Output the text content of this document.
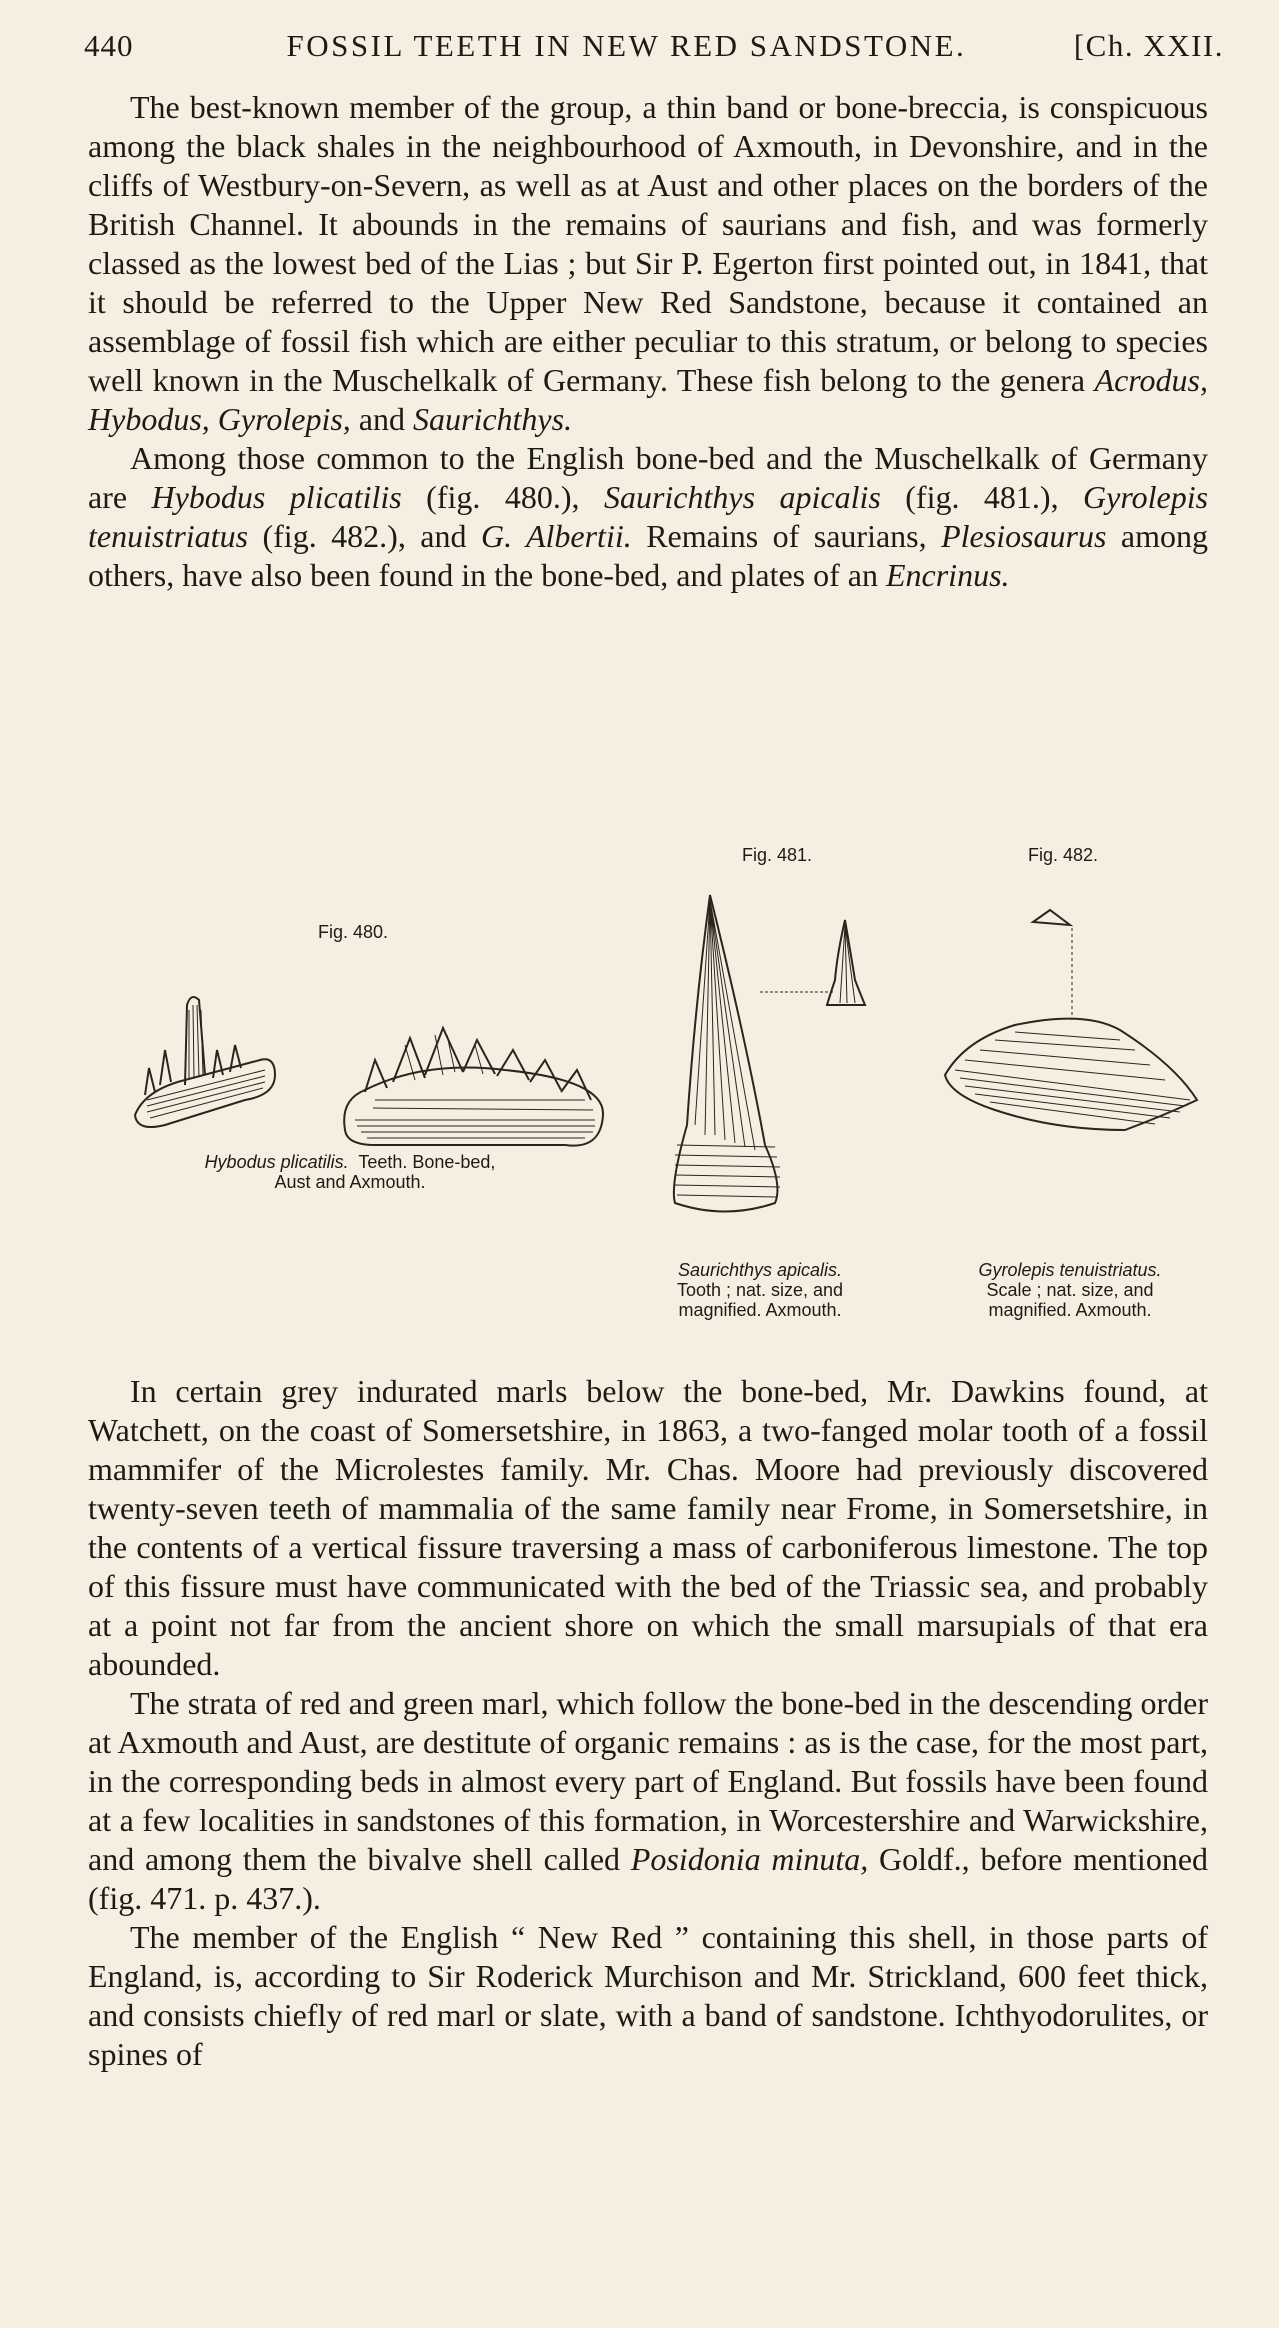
440	FOSSIL TEETH IN NEW RED SANDSTONE.	[Ch. XXII.

The best-known member of the group, a thin band or bone-breccia, is conspicuous among the black shales in the neighbourhood of Axmouth, in Devonshire, and in the cliffs of Westbury-on-Severn, as well as at Aust and other places on the borders of the British Channel. It abounds in the remains of saurians and fish, and was formerly classed as the lowest bed of the Lias ; but Sir P. Egerton first pointed out, in 1841, that it should be referred to the Upper New Red Sandstone, because it contained an assemblage of fossil fish which are either peculiar to this stratum, or belong to species well known in the Muschelkalk of Germany. These fish belong to the genera Acrodus, Hybodus, Gyrolepis, and Saurichthys.

Among those common to the English bone-bed and the Muschelkalk of Germany are Hybodus plicatilis (fig. 480.), Saurichthys apicalis (fig. 481.), Gyrolepis tenuistriatus (fig. 482.), and G. Albertii. Remains of saurians, Plesiosaurus among others, have also been found in the bone-bed, and plates of an Encrinus.

Fig. 480.
Hybodus plicatilis. Teeth. Bone-bed,
Aust and Axmouth.
Fig. 481.
Saurichthys apicalis.
Tooth ; nat. size, and
magnified. Axmouth.
Fig. 482.
Gyrolepis tenuistriatus.
Scale ; nat. size, and
magnified. Axmouth.

In certain grey indurated marls below the bone-bed, Mr. Dawkins found, at Watchett, on the coast of Somersetshire, in 1863, a two-fanged molar tooth of a fossil mammifer of the Microlestes family. Mr. Chas. Moore had previously discovered twenty-seven teeth of mammalia of the same family near Frome, in Somersetshire, in the contents of a vertical fissure traversing a mass of carboniferous limestone. The top of this fissure must have communicated with the bed of the Triassic sea, and probably at a point not far from the ancient shore on which the small marsupials of that era abounded.

The strata of red and green marl, which follow the bone-bed in the descending order at Axmouth and Aust, are destitute of organic remains : as is the case, for the most part, in the corresponding beds in almost every part of England. But fossils have been found at a few localities in sandstones of this formation, in Worcestershire and Warwickshire, and among them the bivalve shell called Posidonia minuta, Goldf., before mentioned (fig. 471. p. 437.).

The member of the English “ New Red ” containing this shell, in those parts of England, is, according to Sir Roderick Murchison and Mr. Strickland, 600 feet thick, and consists chiefly of red marl or slate, with a band of sandstone. Ichthyodorulites, or spines of
